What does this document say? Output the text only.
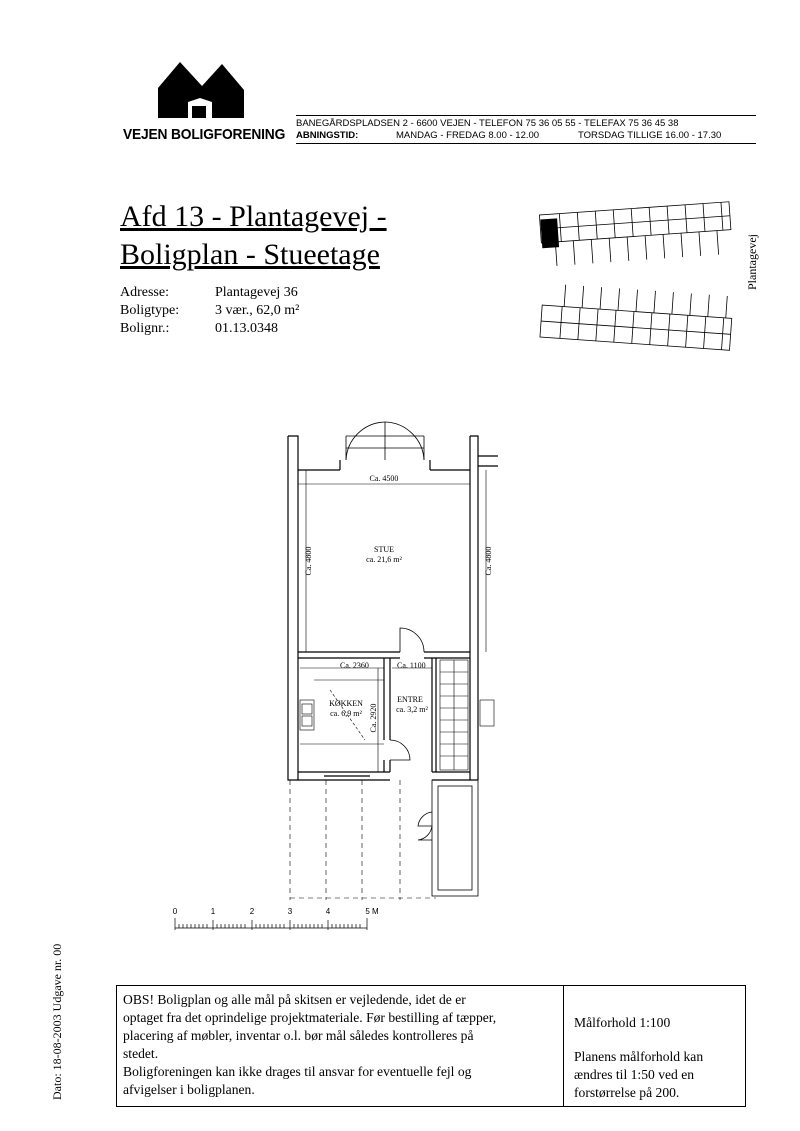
VEJEN BOLIGFORENING
BANEGÅRDSPLADSEN 2 - 6600 VEJEN - TELEFON 75 36 05 55 - TELEFAX 75 36 45 38
ABNINGSTID:	MANDAG - FREDAG 8.00 - 12.00	TORSDAG TILLIGE 16.00 - 17.30
Afd 13 - Plantagevej -
Boligplan - Stueetage
Adresse:	Plantagevej 36
Boligtype:	3 vær., 62,0 m²
Bolignr.:	01.13.0348
Plantagevej
Ca. 4500
STUE
ca. 21,6 m²
Ca. 2360	Ca. 1100
KØKKEN
ca. 6,9 m²
ENTRE
ca. 3,2 m²
Ca. 4800	Ca. 4800
Ca. 2920
0	1	2	3	4	5 M
Dato: 18-08-2003 Udgave nr. 00	OBS! Boligplan og alle mål på skitsen er vejledende, idet de er
optaget fra det oprindelige projektmateriale. Før bestilling af tæpper,
placering af møbler, inventar o.l. bør mål således kontrolleres på
stedet.
Boligforeningen kan ikke drages til ansvar for eventuelle fejl og
afvigelser i boligplanen.
Målforhold 1:100
Planens målforhold kan
ændres til 1:50 ved en
forstørrelse på 200.
